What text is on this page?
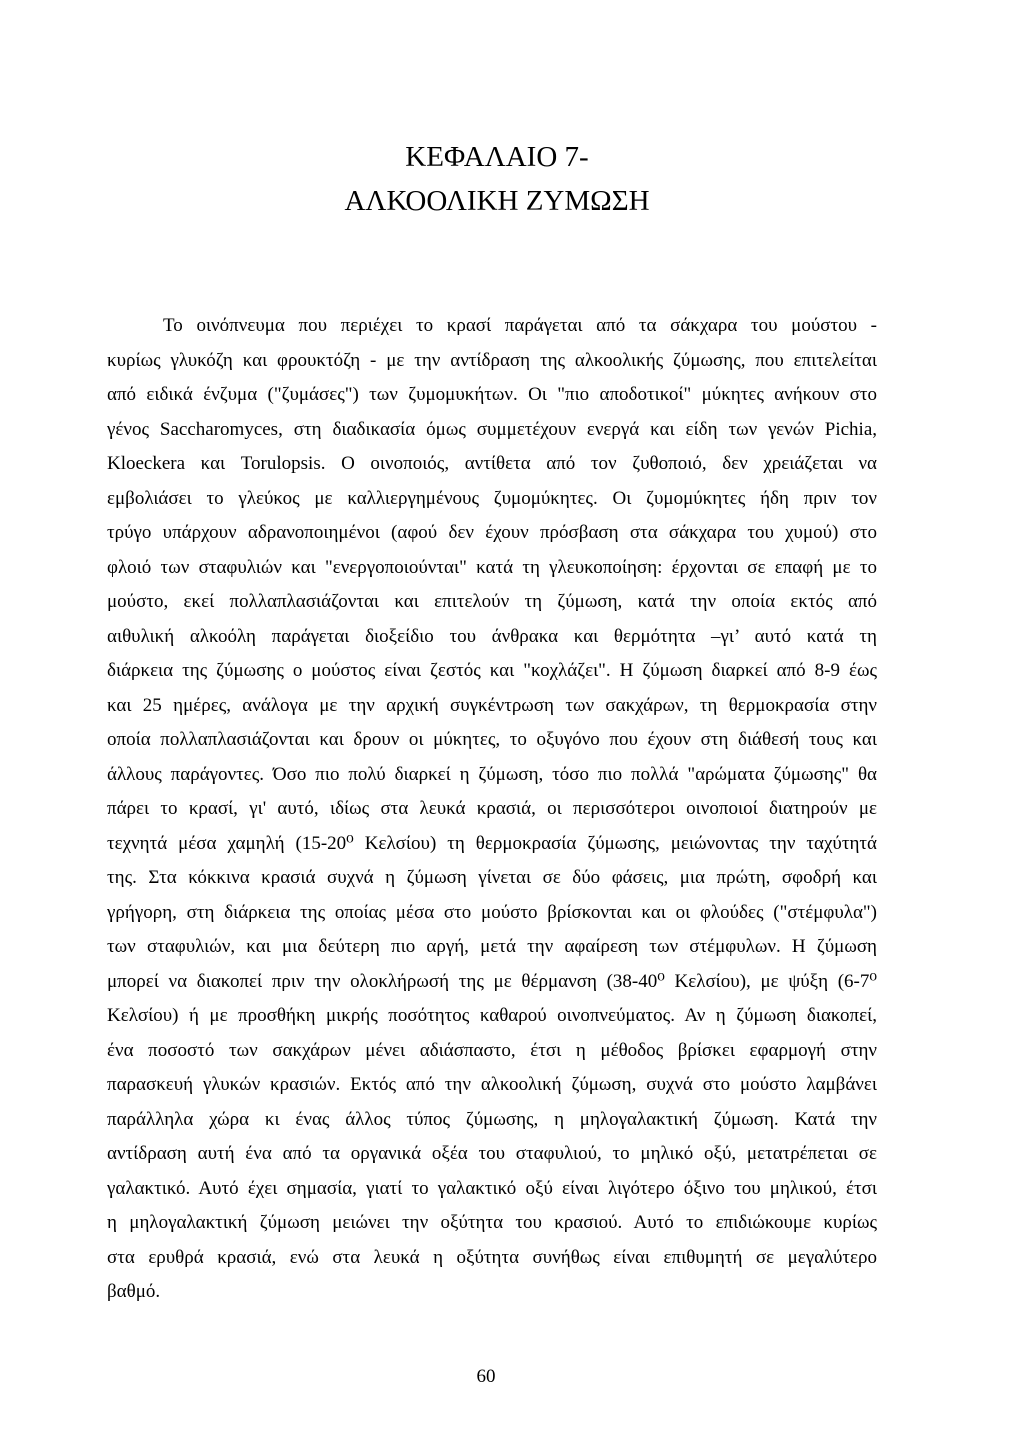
ΚΕΦΑΛΑΙΟ 7-
ΑΛΚΟΟΛΙΚΗ ΖΥΜΩΣΗ
Το οινόπνευμα που περιέχει το κρασί παράγεται από τα σάκχαρα του μούστου -
κυρίως γλυκόζη και φρουκτόζη - με την αντίδραση της αλκοολικής ζύμωσης, που επιτελείται
από ειδικά ένζυμα ("ζυμάσες") των ζυμομυκήτων. Οι "πιο αποδοτικοί" μύκητες ανήκουν στο
γένος Saccharomyces, στη διαδικασία όμως συμμετέχουν ενεργά και είδη των γενών Pichia,
Kloeckera και Torulopsis. Ο οινοποιός, αντίθετα από τον ζυθοποιό, δεν χρειάζεται να
εμβολιάσει το γλεύκος με καλλιεργημένους ζυμομύκητες. Οι ζυμομύκητες ήδη πριν τον
τρύγο υπάρχουν αδρανοποιημένοι (αφού δεν έχουν πρόσβαση στα σάκχαρα του χυμού) στο
φλοιό των σταφυλιών και "ενεργοποιούνται" κατά τη γλευκοποίηση: έρχονται σε επαφή με το
μούστο, εκεί πολλαπλασιάζονται και επιτελούν τη ζύμωση, κατά την οποία εκτός από
αιθυλική αλκοόλη παράγεται διοξείδιο του άνθρακα και θερμότητα –γι’ αυτό κατά τη
διάρκεια της ζύμωσης ο μούστος είναι ζεστός και "κοχλάζει". Η ζύμωση διαρκεί από 8-9 έως
και 25 ημέρες, ανάλογα με την αρχική συγκέντρωση των σακχάρων, τη θερμοκρασία στην
οποία πολλαπλασιάζονται και δρουν οι μύκητες, το οξυγόνο που έχουν στη διάθεσή τους και
άλλους παράγοντες. Όσο πιο πολύ διαρκεί η ζύμωση, τόσο πιο πολλά "αρώματα ζύμωσης" θα
πάρει το κρασί, γι' αυτό, ιδίως στα λευκά κρασιά, οι περισσότεροι οινοποιοί διατηρούν με
τεχνητά μέσα χαμηλή (15-20⁰ Κελσίου) τη θερμοκρασία ζύμωσης, μειώνοντας την ταχύτητά
της. Στα κόκκινα κρασιά συχνά η ζύμωση γίνεται σε δύο φάσεις, μια πρώτη, σφοδρή και
γρήγορη, στη διάρκεια της οποίας μέσα στο μούστο βρίσκονται και οι φλούδες ("στέμφυλα")
των σταφυλιών, και μια δεύτερη πιο αργή, μετά την αφαίρεση των στέμφυλων. Η ζύμωση
μπορεί να διακοπεί πριν την ολοκλήρωσή της με θέρμανση (38-40⁰ Κελσίου), με ψύξη (6-7⁰
Κελσίου) ή με προσθήκη μικρής ποσότητος καθαρού οινοπνεύματος. Αν η ζύμωση διακοπεί,
ένα ποσοστό των σακχάρων μένει αδιάσπαστο, έτσι η μέθοδος βρίσκει εφαρμογή στην
παρασκευή γλυκών κρασιών. Εκτός από την αλκοολική ζύμωση, συχνά στο μούστο λαμβάνει
παράλληλα χώρα κι ένας άλλος τύπος ζύμωσης, η μηλογαλακτική ζύμωση. Κατά την
αντίδραση αυτή ένα από τα οργανικά οξέα του σταφυλιού, το μηλικό οξύ, μετατρέπεται σε
γαλακτικό. Αυτό έχει σημασία, γιατί το γαλακτικό οξύ είναι λιγότερο όξινο του μηλικού, έτσι
η μηλογαλακτική ζύμωση μειώνει την οξύτητα του κρασιού. Αυτό το επιδιώκουμε κυρίως
στα ερυθρά κρασιά, ενώ στα λευκά η οξύτητα συνήθως είναι επιθυμητή σε μεγαλύτερο
βαθμό.
60
